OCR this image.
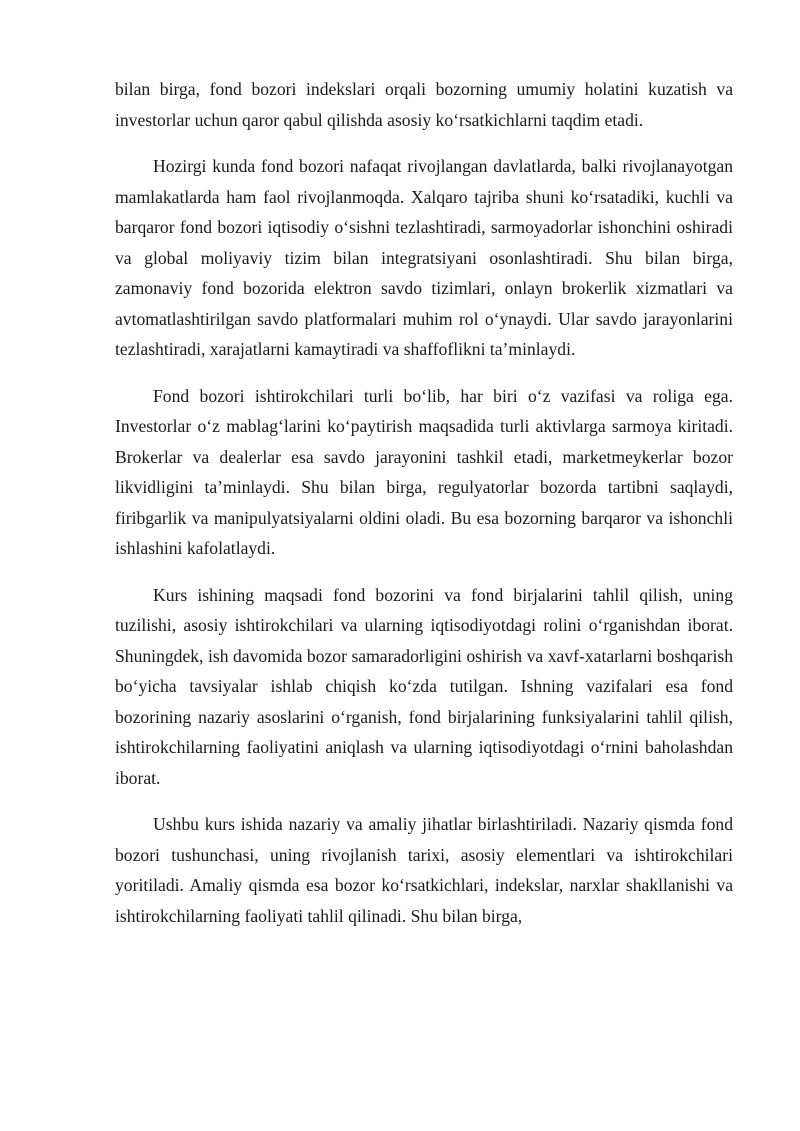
bilan birga, fond bozori indekslari orqali bozorning umumiy holatini kuzatish va investorlar uchun qaror qabul qilishda asosiy ko‘rsatkichlarni taqdim etadi.

Hozirgi kunda fond bozori nafaqat rivojlangan davlatlarda, balki rivojlanayotgan mamlakatlarda ham faol rivojlanmoqda. Xalqaro tajriba shuni ko‘rsatadiki, kuchli va barqaror fond bozori iqtisodiy o‘sishni tezlashtiradi, sarmoyadorlar ishonchini oshiradi va global moliyaviy tizim bilan integratsiyani osonlashtiradi. Shu bilan birga, zamonaviy fond bozorida elektron savdo tizimlari, onlayn brokerlik xizmatlari va avtomatlashtirilgan savdo platformalari muhim rol o‘ynaydi. Ular savdo jarayonlarini tezlashtiradi, xarajatlarni kamaytiradi va shaffoflikni ta’minlaydi.

Fond bozori ishtirokchilari turli bo‘lib, har biri o‘z vazifasi va roliga ega. Investorlar o‘z mablag‘larini ko‘paytirish maqsadida turli aktivlarga sarmoya kiritadi. Brokerlar va dealerlar esa savdo jarayonini tashkil etadi, marketmeykerlar bozor likvidligini ta’minlaydi. Shu bilan birga, regulyatorlar bozorda tartibni saqlaydi, firibgarlik va manipulyatsiyalarni oldini oladi. Bu esa bozorning barqaror va ishonchli ishlashini kafolatlaydi.

Kurs ishining maqsadi fond bozorini va fond birjalarini tahlil qilish, uning tuzilishi, asosiy ishtirokchilari va ularning iqtisodiyotdagi rolini o‘rganishdan iborat. Shuningdek, ish davomida bozor samaradorligini oshirish va xavf-xatarlarni boshqarish bo‘yicha tavsiyalar ishlab chiqish ko‘zda tutilgan. Ishning vazifalari esa fond bozorining nazariy asoslarini o‘rganish, fond birjalarining funksiyalarini tahlil qilish, ishtirokchilarning faoliyatini aniqlash va ularning iqtisodiyotdagi o‘rnini baholashdan iborat.

Ushbu kurs ishida nazariy va amaliy jihatlar birlashtiriladi. Nazariy qismda fond bozori tushunchasi, uning rivojlanish tarixi, asosiy elementlari va ishtirokchilari yoritiladi. Amaliy qismda esa bozor ko‘rsatkichlari, indekslar, narxlar shakllanishi va ishtirokchilarning faoliyati tahlil qilinadi. Shu bilan birga,
